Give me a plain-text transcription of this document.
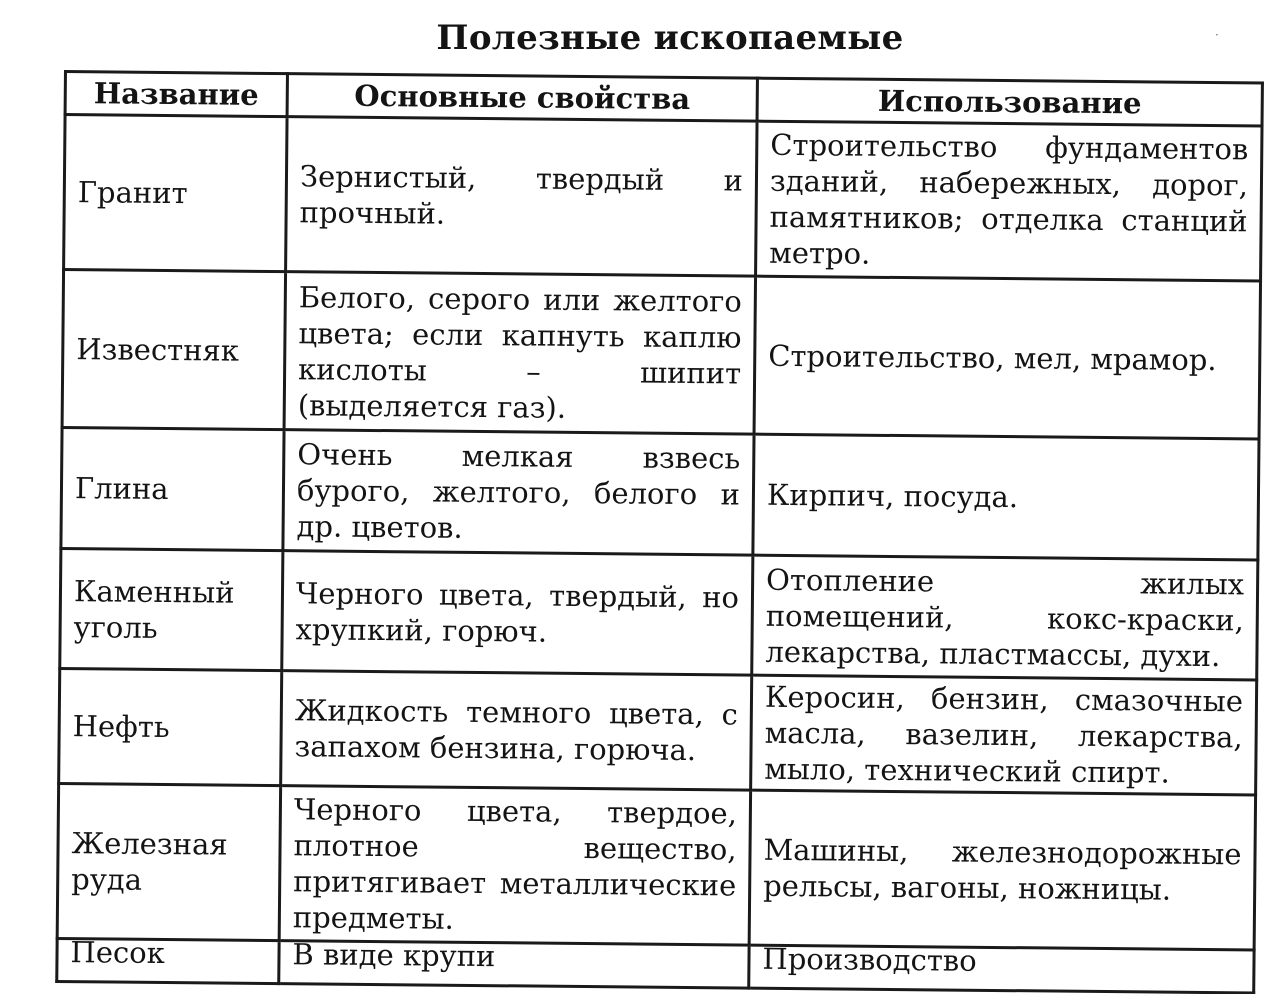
Полезные ископаемые	·
Название	Основные свойства	Использование
Гранит	Зернистый, твердый и прочный.	Строительство фундаментов зданий, набережных, дорог, памятников; отделка станций метро.
Известняк	Белого, серого или желтого цвета; если капнуть каплю кислоты – шипит (выделяется газ).	Строительство, мел, мрамор.
Глина	Очень мелкая взвесь бурого, желтого, белого и др. цветов.	Кирпич, посуда.
Каменный уголь	Черного цвета, твердый, но хрупкий, горюч.	Отопление жилых помещений, кокс-краски, лекарства, пластмассы, духи.
Нефть	Жидкость темного цвета, с запахом бензина, горюча.	Керосин, бензин, смазочные масла, вазелин, лекарства, мыло, технический спирт.
Железная руда	Черного цвета, твердое, плотное вещество, притягивает металлические предметы.	Машины, железнодорожные рельсы, вагоны, ножницы.

Песок	В виде крупи	Производство
